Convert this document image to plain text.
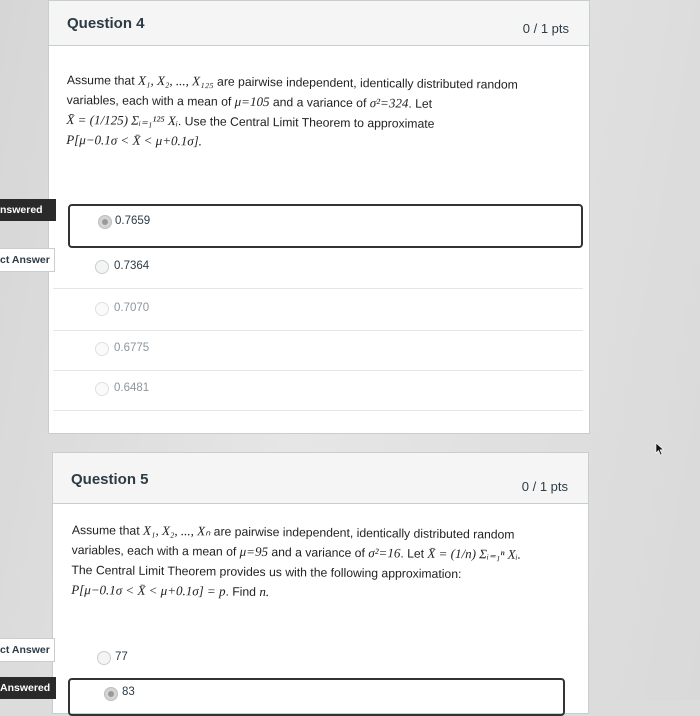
Question 4	0 / 1 pts
Assume that X₁, X₂, ..., X₁₂₅ are pairwise independent, identically distributed random
variables, each with a mean of μ=105 and a variance of σ²=324. Let
X̄ = (1/125) Σᵢ₌₁¹²⁵ Xᵢ. Use the Central Limit Theorem to approximate
P[μ−0.1σ < X̄ < μ+0.1σ].
0.7659
0.7364
0.7070
0.6775
0.6481
nswered
ct Answer
Question 5	0 / 1 pts
Assume that X₁, X₂, ..., Xₙ are pairwise independent, identically distributed random
variables, each with a mean of μ=95 and a variance of σ²=16. Let X̄ = (1/n) Σᵢ₌₁ⁿ Xᵢ.
The Central Limit Theorem provides us with the following approximation:
P[μ−0.1σ < X̄ < μ+0.1σ] = p. Find n.
77
83
ct Answer
Answered
